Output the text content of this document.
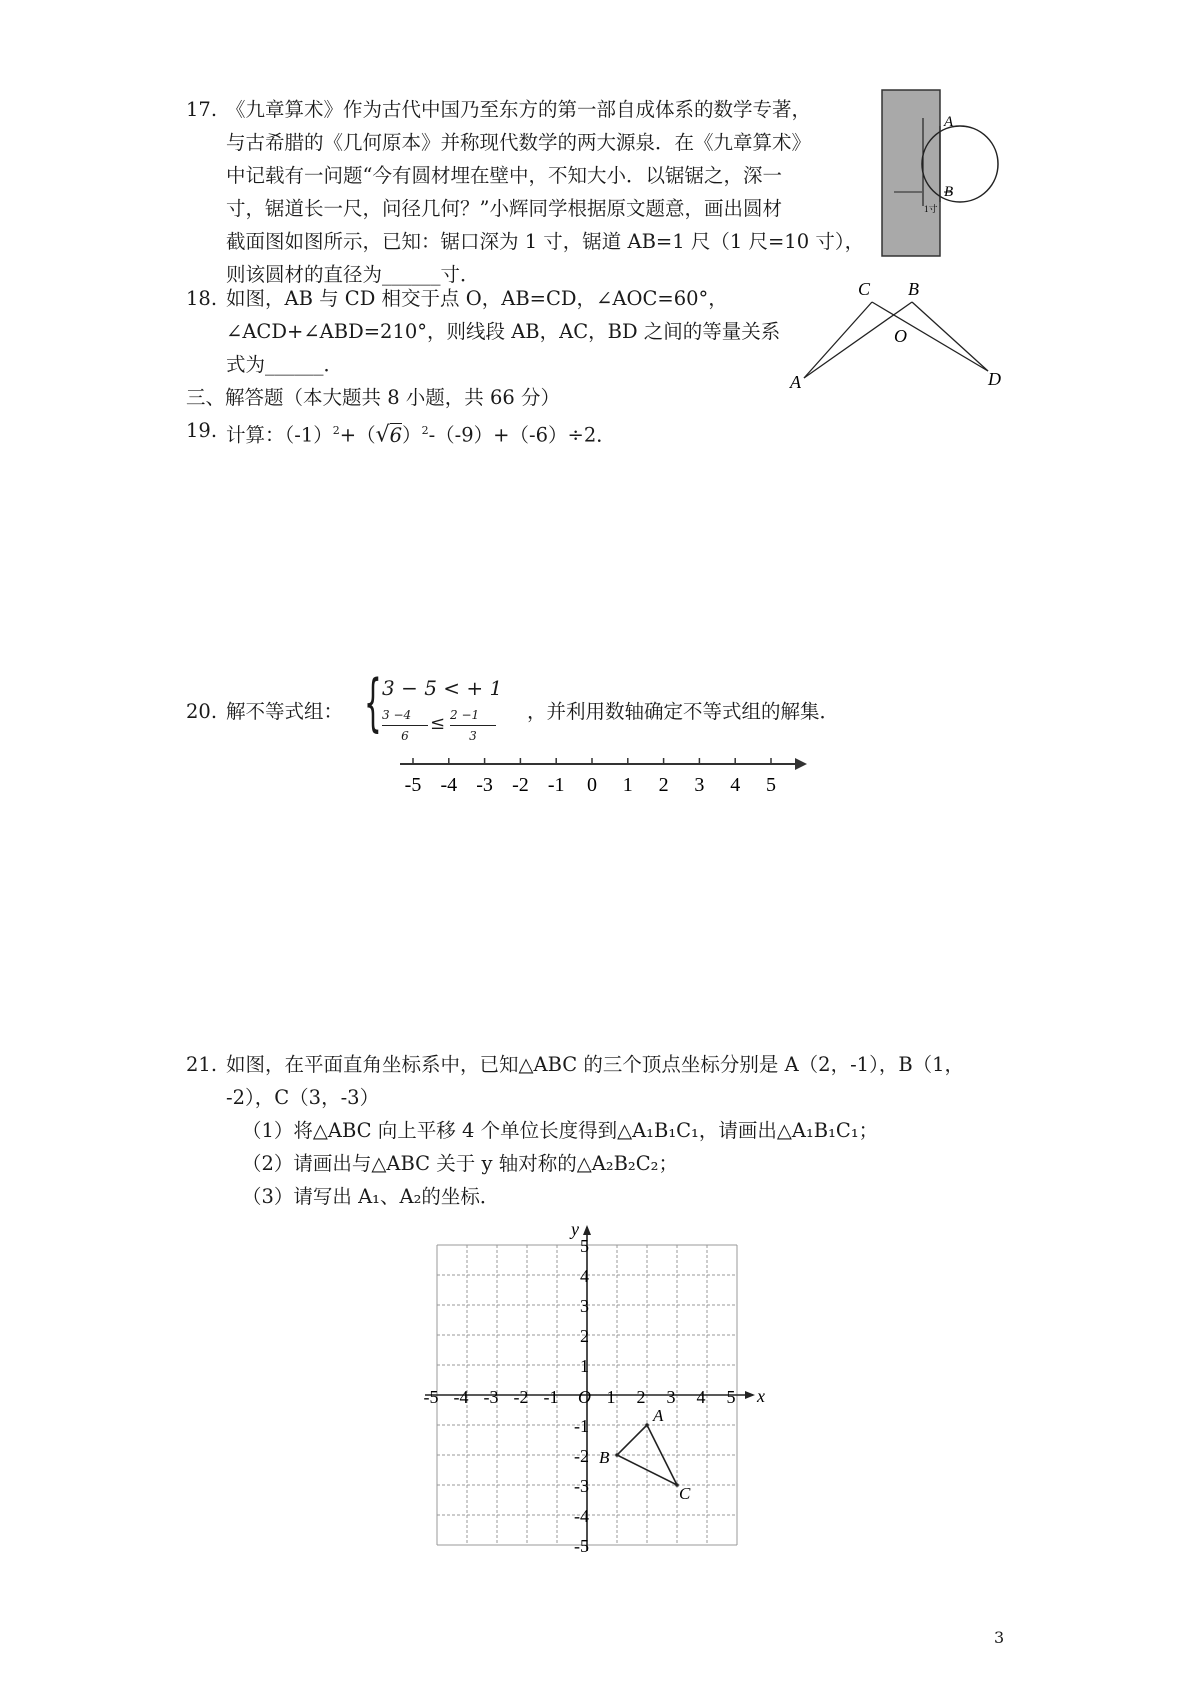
17. 《九章算术》作为古代中国乃至东方的第一部自成体系的数学专著，
与古希腊的《几何原本》并称现代数学的两大源泉．在《九章算术》
中记载有一问题“今有圆材埋在壁中，不知大小．以锯锯之，深一
寸，锯道长一尺，问径几何？”小辉同学根据原文题意，画出圆材
截面图如图所示，已知：锯口深为 1 寸，锯道 AB=1 尺（1 尺=10 寸），
则该圆材的直径为______寸．
A
B
1寸
18. 如图，AB 与 CD 相交于点 O，AB=CD，∠AOC=60°，
∠ACD+∠ABD=210°，则线段 AB，AC，BD 之间的等量关系
式为______．
C B
O
A	D
三、解答题（本大题共 8 小题，共 66 分）
19. 计算：$(-1)^2+(√6)^2-(-9)+(-6)\div 2$．
20. 解不等式组： { 3 − 5 < + 1
3 −4
6
≤ 2 −1
3
，并利用数轴确定不等式组的解集．
-5 -4 -3 -2 -1 0 1 2 3 4 5
21. 如图，在平面直角坐标系中，已知△ABC 的三个顶点坐标分别是 A（2，-1），B（1，
-2），C（3，-3）
（1）将△ABC 向上平移 4 个单位长度得到△A₁B₁C₁，请画出△A₁B₁C₁；
（2）请画出与△ABC 关于 y 轴对称的△A₂B₂C₂；
（3）请写出 A₁、A₂的坐标．
x
y
O
-5 -4 -3 -2 -1	1 2 3 4 5
5
4
3
2
1
-1
-2
-3
-4
-5
A
B
C
3
